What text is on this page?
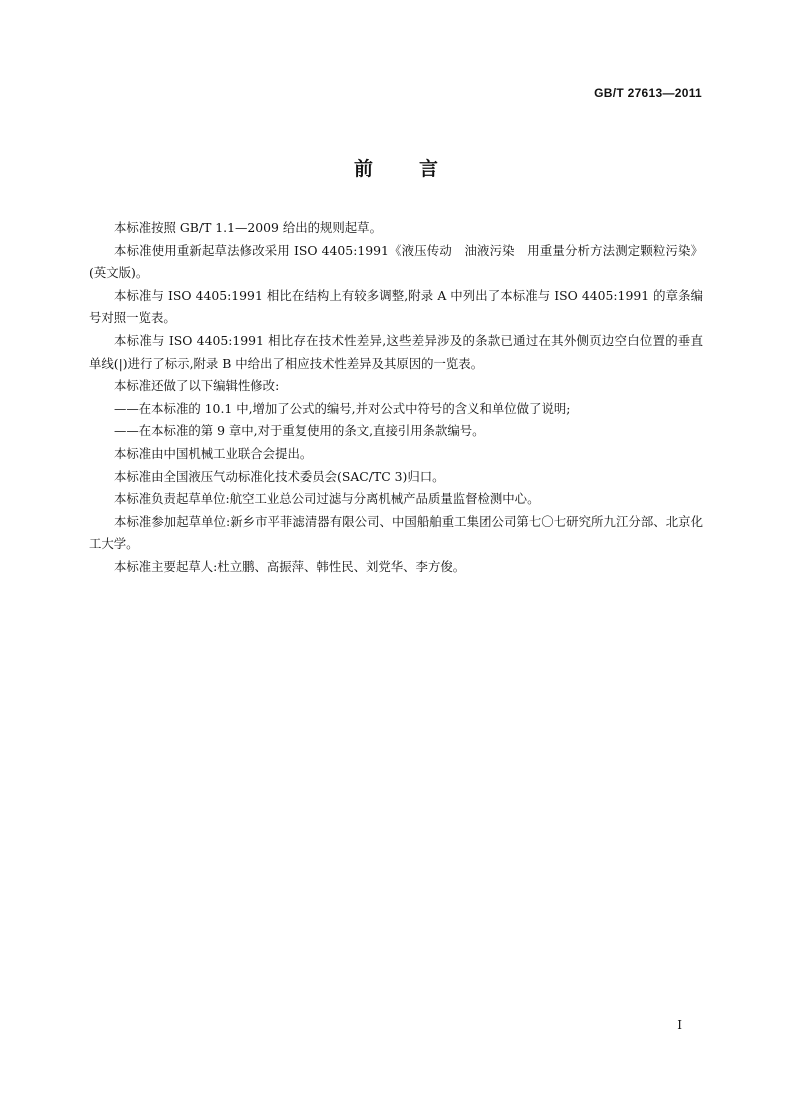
GB/T 27613—2011
前 言

本标准按照 GB/T 1.1—2009 给出的规则起草。

本标准使用重新起草法修改采用 ISO 4405:1991《液压传动　油液污染　用重量分析方法测定颗粒污染》(英文版)。

本标准与 ISO 4405:1991 相比在结构上有较多调整,附录 A 中列出了本标准与 ISO 4405:1991 的章条编号对照一览表。

本标准与 ISO 4405:1991 相比存在技术性差异,这些差异涉及的条款已通过在其外侧页边空白位置的垂直单线(|)进行了标示,附录 B 中给出了相应技术性差异及其原因的一览表。

本标准还做了以下编辑性修改:

——在本标准的 10.1 中,增加了公式的编号,并对公式中符号的含义和单位做了说明;

——在本标准的第 9 章中,对于重复使用的条文,直接引用条款编号。

本标准由中国机械工业联合会提出。

本标准由全国液压气动标准化技术委员会(SAC/TC 3)归口。

本标准负责起草单位:航空工业总公司过滤与分离机械产品质量监督检测中心。

本标准参加起草单位:新乡市平菲滤清器有限公司、中国船舶重工集团公司第七〇七研究所九江分部、北京化工大学。

本标准主要起草人:杜立鹏、高振萍、韩性民、刘党华、李方俊。

I
